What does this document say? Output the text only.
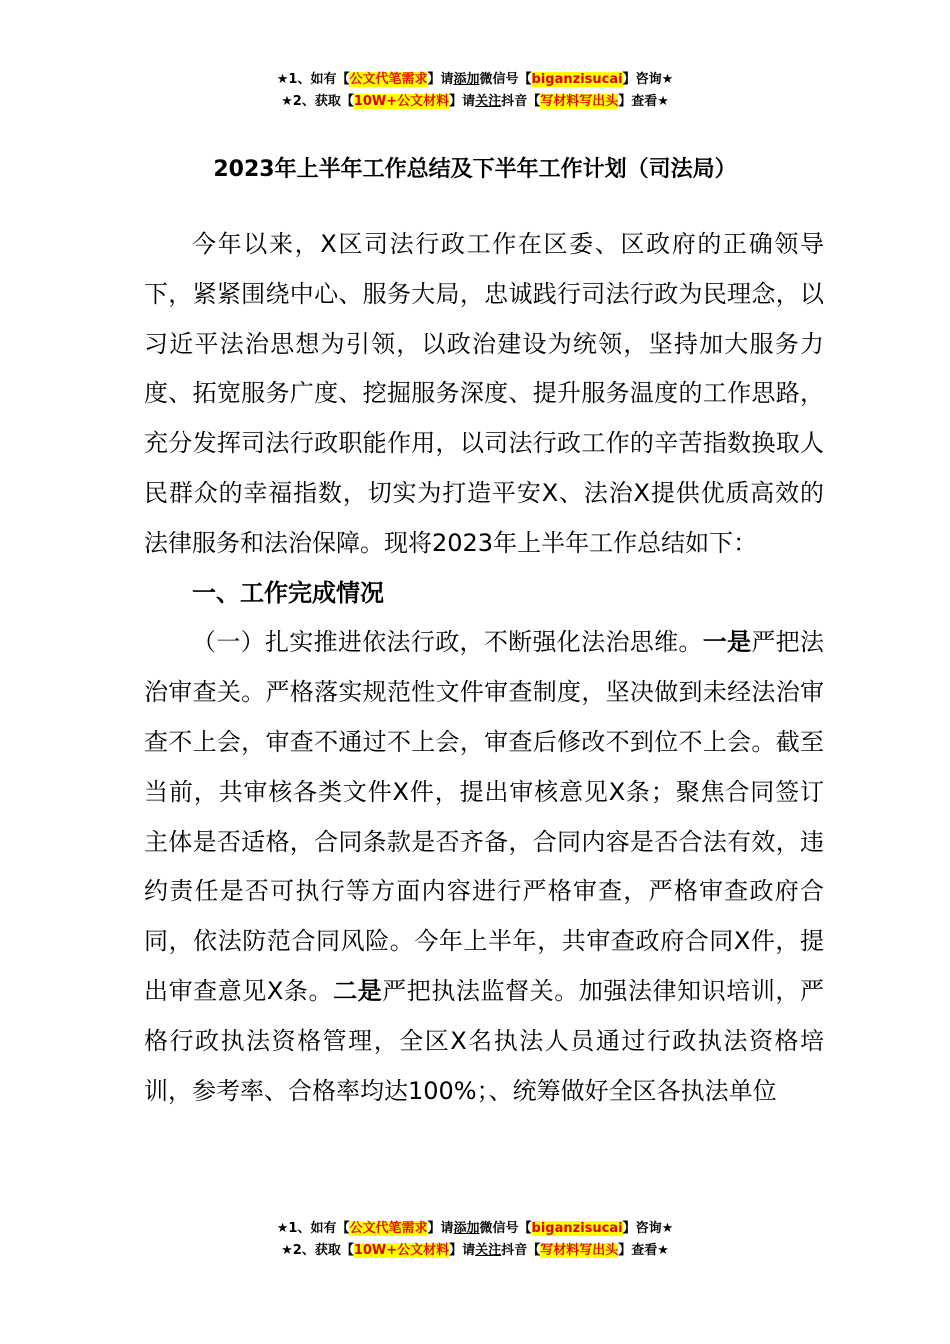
★1、如有【公文代笔需求】请添加微信号【biganzisucai】咨询★
★2、获取【10W+公文材料】请关注抖音【写材料写出头】查看★
2023年上半年工作总结及下半年工作计划（司法局）

今年以来，X区司法行政工作在区委、区政府的正确领导下，紧紧围绕中心、服务大局，忠诚践行司法行政为民理念，以习近平法治思想为引领，以政治建设为统领，坚持加大服务力度、拓宽服务广度、挖掘服务深度、提升服务温度的工作思路，充分发挥司法行政职能作用，以司法行政工作的辛苦指数换取人民群众的幸福指数，切实为打造平安X、法治X提供优质高效的法律服务和法治保障。现将2023年上半年工作总结如下：

一、工作完成情况

（一）扎实推进依法行政，不断强化法治思维。一是严把法治审查关。严格落实规范性文件审查制度，坚决做到未经法治审查不上会，审查不通过不上会，审查后修改不到位不上会。截至当前，共审核各类文件X件，提出审核意见X条；聚焦合同签订主体是否适格，合同条款是否齐备，合同内容是否合法有效，违约责任是否可执行等方面内容进行严格审查，严格审查政府合同，依法防范合同风险。今年上半年，共审查政府合同X件，提出审查意见X条。二是严把执法监督关。加强法律知识培训，严格行政执法资格管理，全区X名执法人员通过行政执法资格培训，参考率、合格率均达100%；、统筹做好全区各执法单位

★1、如有【公文代笔需求】请添加微信号【biganzisucai】咨询★
★2、获取【10W+公文材料】请关注抖音【写材料写出头】查看★
